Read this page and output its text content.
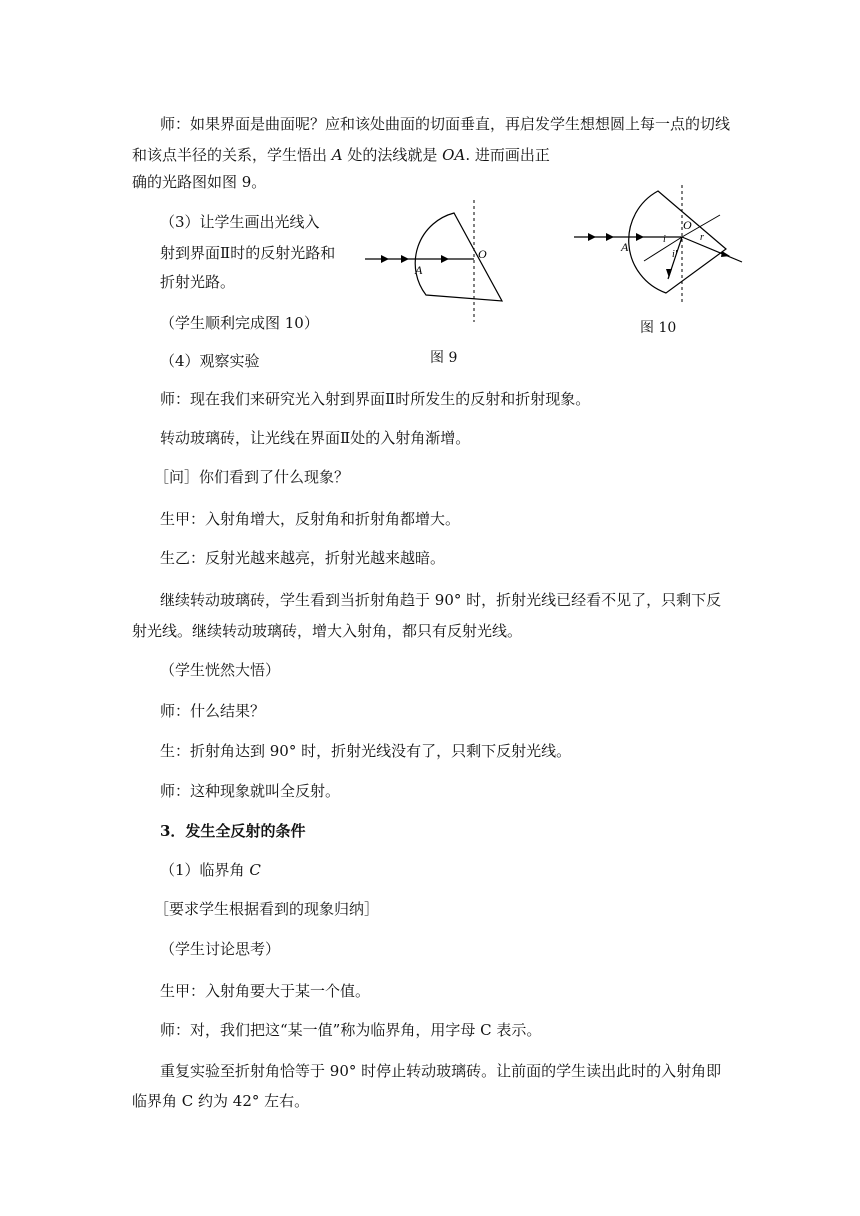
师：如果界面是曲面呢？应和该处曲面的切面垂直，再启发学生想想圆上每一点的切线
和该点半径的关系，学生悟出 A 处的法线就是 OA. 进而画出正
确的光路图如图 9。
（3）让学生画出光线入
射到界面Ⅱ时的反射光路和
折射光路。
（学生顺利完成图 10）
（4）观察实验
A
O
图 9
A
O
i	r
i'
图 10
师：现在我们来研究光入射到界面Ⅱ时所发生的反射和折射现象。
转动玻璃砖，让光线在界面Ⅱ处的入射角渐增。
［问］你们看到了什么现象？
生甲：入射角增大，反射角和折射角都增大。
生乙：反射光越来越亮，折射光越来越暗。
继续转动玻璃砖，学生看到当折射角趋于 90° 时，折射光线已经看不见了，只剩下反
射光线。继续转动玻璃砖，增大入射角，都只有反射光线。
（学生恍然大悟）
师：什么结果？
生：折射角达到 90° 时，折射光线没有了，只剩下反射光线。
师：这种现象就叫全反射。
3．发生全反射的条件
（1）临界角 C
［要求学生根据看到的现象归纳］
（学生讨论思考）
生甲：入射角要大于某一个值。
师：对，我们把这“某一值”称为临界角，用字母 C 表示。
重复实验至折射角恰等于 90° 时停止转动玻璃砖。让前面的学生读出此时的入射角即
临界角 C 约为 42° 左右。
